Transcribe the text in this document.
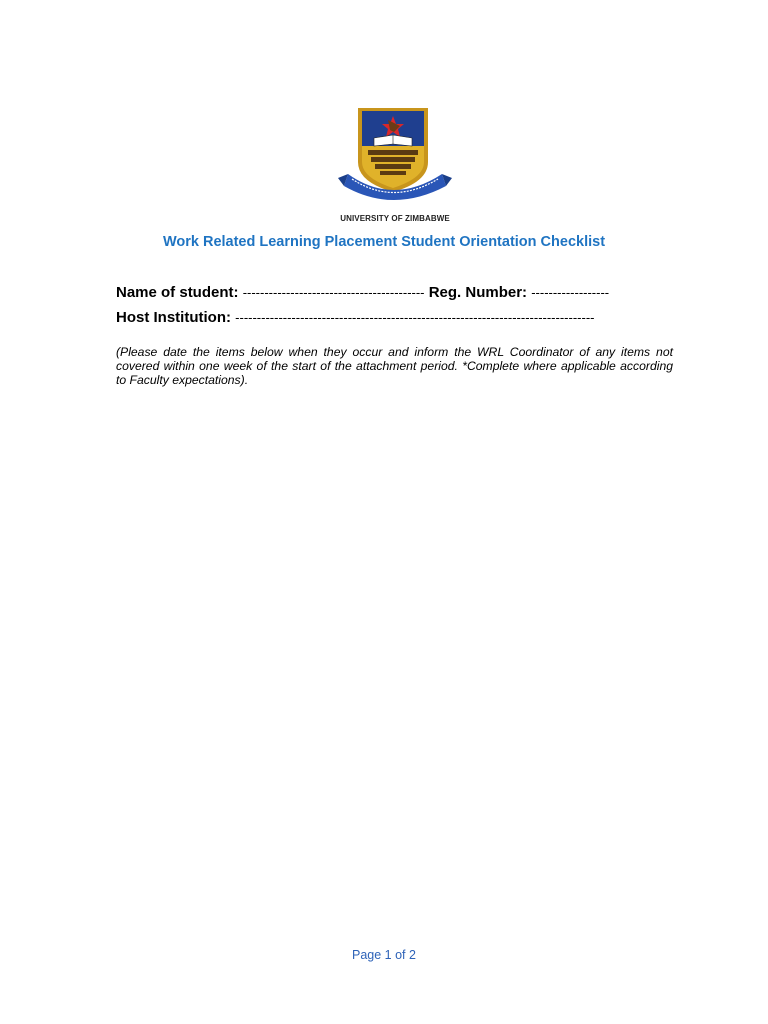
UNIVERSITY OF ZIMBABWE
Work Related Learning Placement Student Orientation Checklist
Name of student: ------------------------------------------ Reg. Number: ------------------
Host Institution: -----------------------------------------------------------------------------------
(Please date the items below when they occur and inform the WRL Coordinator of any items not covered within one week of the start of the attachment period. *Complete where applicable according to Faculty expectations).
Page 1 of 2
